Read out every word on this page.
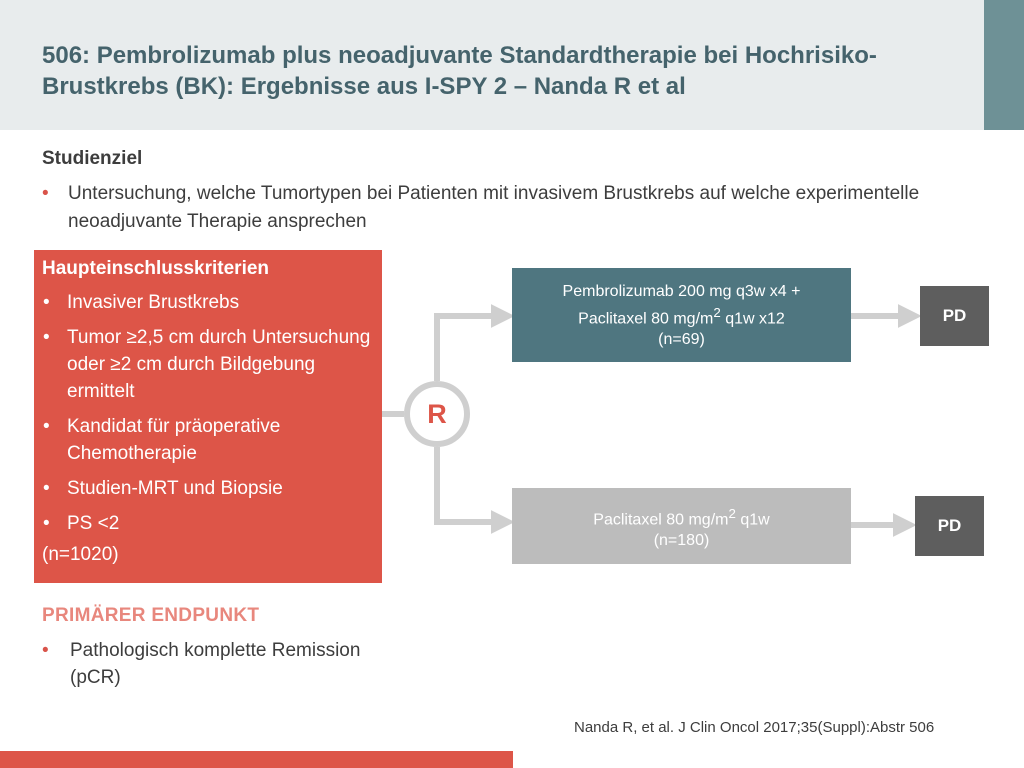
506: Pembrolizumab plus neoadjuvante Standardtherapie bei Hochrisiko-
Brustkrebs (BK): Ergebnisse aus I-SPY 2 – Nanda R et al
Studienziel
•	Untersuchung, welche Tumortypen bei Patienten mit invasivem Brustkrebs auf welche experimentelle neoadjuvante Therapie ansprechen
Haupteinschlusskriterien
• Invasiver Brustkrebs
• Tumor ≥2,5 cm durch Untersuchung oder ≥2 cm durch Bildgebung ermittelt
• Kandidat für präoperative Chemotherapie
• Studien-MRT und Biopsie
• PS <2
(n=1020)
PRIMÄRER ENDPUNKT
•	Pathologisch komplette Remission (pCR)
R
Pembrolizumab 200 mg q3w x4 +
Paclitaxel 80 $mg/m^2$ q1w x12
(n=69)
Paclitaxel 80 $mg/m^2$ q1w
(n=180)
PD
PD
Nanda R, et al. J Clin Oncol 2017;35(Suppl):Abstr 506
